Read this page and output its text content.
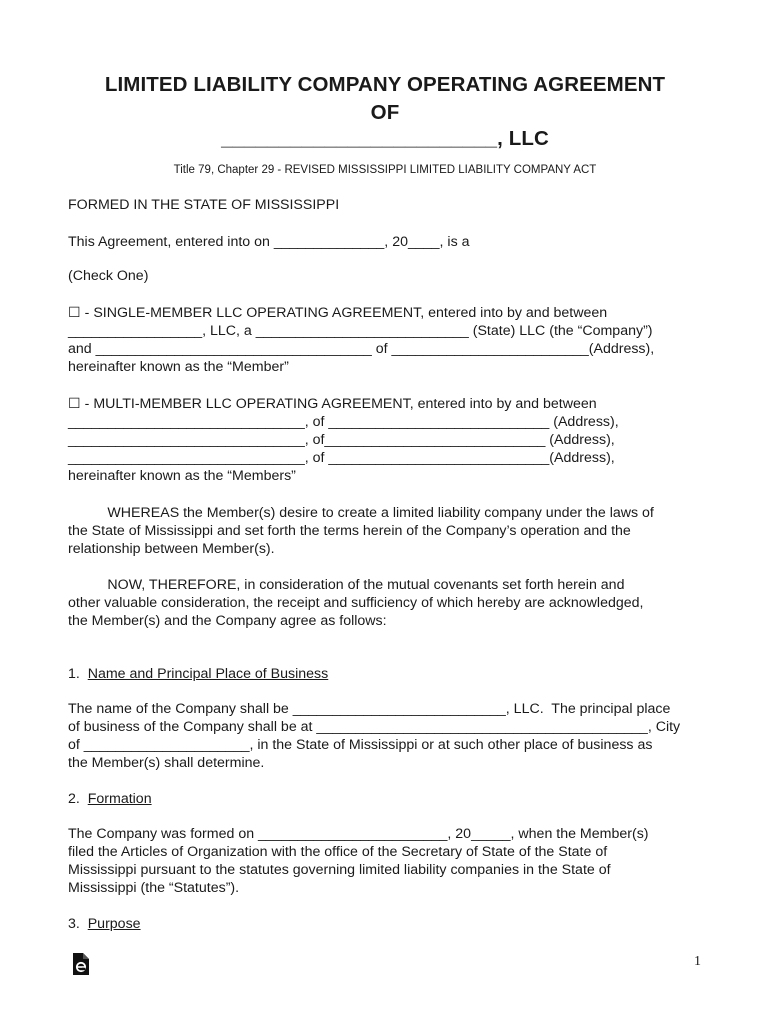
LIMITED LIABILITY COMPANY OPERATING AGREEMENT
OF
________________________, LLC
Title 79, Chapter 29 - REVISED MISSISSIPPI LIMITED LIABILITY COMPANY ACT
FORMED IN THE STATE OF MISSISSIPPI
This Agreement, entered into on ______________, 20____, is a
(Check One)
☐ - SINGLE-MEMBER LLC OPERATING AGREEMENT, entered into by and between
_________________, LLC, a ___________________________ (State) LLC (the “Company”)
and ___________________________________ of _________________________(Address),
hereinafter known as the “Member”
☐ - MULTI-MEMBER LLC OPERATING AGREEMENT, entered into by and between
______________________________, of ____________________________ (Address),
______________________________, of____________________________ (Address),
______________________________, of ____________________________(Address),
hereinafter known as the “Members”
WHEREAS the Member(s) desire to create a limited liability company under the laws of
the State of Mississippi and set forth the terms herein of the Company’s operation and the
relationship between Member(s).
NOW, THEREFORE, in consideration of the mutual covenants set forth herein and
other valuable consideration, the receipt and sufficiency of which hereby are acknowledged,
the Member(s) and the Company agree as follows:
1.  Name and Principal Place of Business
The name of the Company shall be ___________________________, LLC.  The principal place
of business of the Company shall be at __________________________________________, City
of _____________________, in the State of Mississippi or at such other place of business as
the Member(s) shall determine.
2.  Formation
The Company was formed on ________________________, 20_____, when the Member(s)
filed the Articles of Organization with the office of the Secretary of State of the State of
Mississippi pursuant to the statutes governing limited liability companies in the State of
Mississippi (the “Statutes”).
3.  Purpose
1
